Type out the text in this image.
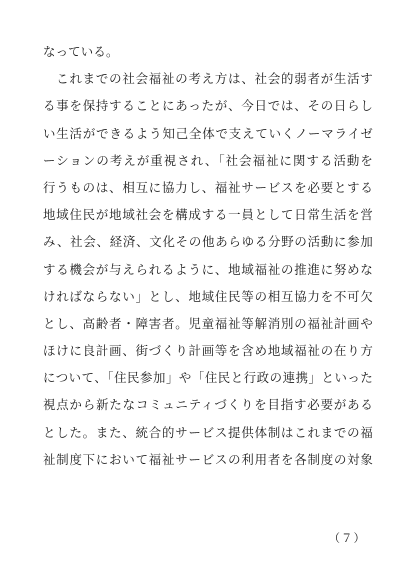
なっている。
　これまでの社会福祉の考え方は、社会的弱者が生活す
る事を保持することにあったが、今日では、その日らし
い生活ができるよう知己全体で支えていくノーマライゼ
ーションの考えが重視され、「社会福祉に関する活動を
行うものは、相互に協力し、福祉サービスを必要とする
地域住民が地域社会を構成する一員として日常生活を営
み、社会、経済、文化その他あらゆる分野の活動に参加
する機会が与えられるように、地域福祉の推進に努めな
ければならない」とし、地域住民等の相互協力を不可欠
とし、高齢者・障害者。児童福祉等解消別の福祉計画や
ほけに良計画、街づくり計画等を含め地域福祉の在り方
について、「住民参加」や「住民と行政の連携」といった
視点から新たなコミュニティづくりを目指す必要がある
とした。また、統合的サービス提供体制はこれまでの福
祉制度下において福祉サービスの利用者を各制度の対象
（７）
